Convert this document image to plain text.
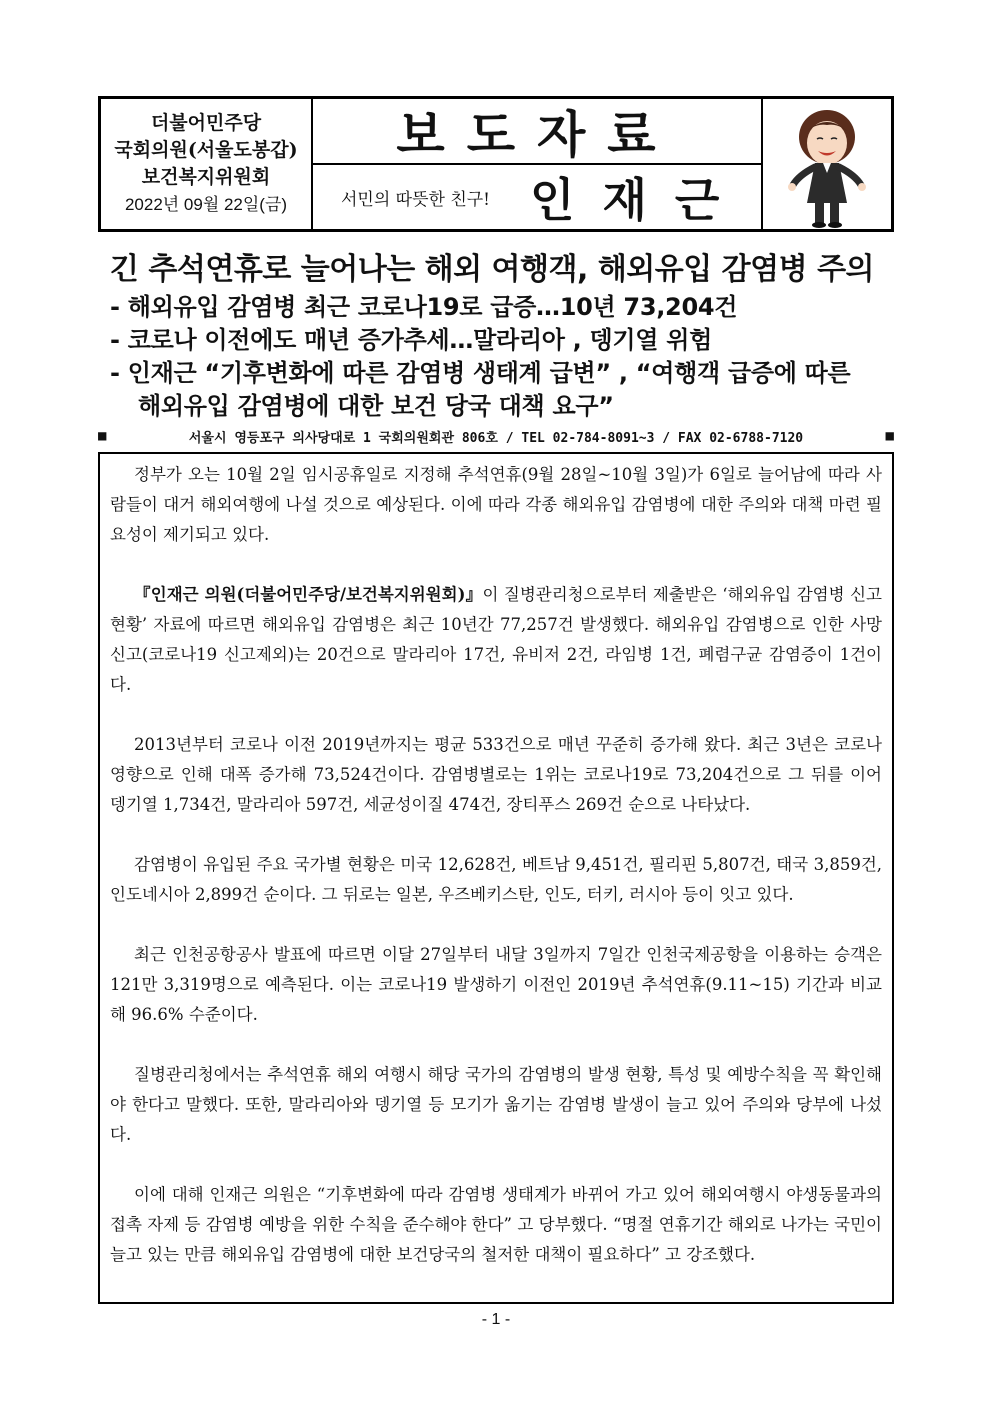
더불어민주당
국회의원(서울도봉갑)
보건복지위원회
2022년 09월 22일(금)
보도자료
서민의 따뜻한 친구! 인재근
긴 추석연휴로 늘어나는 해외 여행객, 해외유입 감염병 주의
- 해외유입 감염병 최근 코로나19로 급증…10년 73,204건
- 코로나 이전에도 매년 증가추세…말라리아 , 뎅기열 위험
- 인재근 “기후변화에 따른 감염병 생태계 급변” , “여행객 급증에 따른
해외유입 감염병에 대한 보건 당국 대책 요구”
■	서울시 영등포구 의사당대로 1 국회의원회관 806호 / TEL 02-784-8091~3 / FAX 02-6788-7120	■

정부가 오는 10월 2일 임시공휴일로 지정해 추석연휴(9월 28일~10월 3일)가 6일로 늘어남에 따라 사람들이 대거 해외여행에 나설 것으로 예상된다. 이에 따라 각종 해외유입 감염병에 대한 주의와 대책 마련 필요성이 제기되고 있다.

『인재근 의원(더불어민주당/보건복지위원회)』이 질병관리청으로부터 제출받은 ‘해외유입 감염병 신고 현황’ 자료에 따르면 해외유입 감염병은 최근 10년간 77,257건 발생했다. 해외유입 감염병으로 인한 사망신고(코로나19 신고제외)는 20건으로 말라리아 17건, 유비저 2건, 라임병 1건, 폐렴구균 감염증이 1건이다.

2013년부터 코로나 이전 2019년까지는 평균 533건으로 매년 꾸준히 증가해 왔다. 최근 3년은 코로나 영향으로 인해 대폭 증가해 73,524건이다. 감염병별로는 1위는 코로나19로 73,204건으로 그 뒤를 이어 뎅기열 1,734건, 말라리아 597건, 세균성이질 474건, 장티푸스 269건 순으로 나타났다.

감염병이 유입된 주요 국가별 현황은 미국 12,628건, 베트남 9,451건, 필리핀 5,807건, 태국 3,859건, 인도네시아 2,899건 순이다. 그 뒤로는 일본, 우즈베키스탄, 인도, 터키, 러시아 등이 잇고 있다.

최근 인천공항공사 발표에 따르면 이달 27일부터 내달 3일까지 7일간 인천국제공항을 이용하는 승객은 121만 3,319명으로 예측된다. 이는 코로나19 발생하기 이전인 2019년 추석연휴(9.11~15) 기간과 비교해 96.6% 수준이다.

질병관리청에서는 추석연휴 해외 여행시 해당 국가의 감염병의 발생 현황, 특성 및 예방수칙을 꼭 확인해야 한다고 말했다. 또한, 말라리아와 뎅기열 등 모기가 옮기는 감염병 발생이 늘고 있어 주의와 당부에 나섰다.

이에 대해 인재근 의원은 “기후변화에 따라 감염병 생태계가 바뀌어 가고 있어 해외여행시 야생동물과의 접촉 자제 등 감염병 예방을 위한 수칙을 준수해야 한다” 고 당부했다. “명절 연휴기간 해외로 나가는 국민이 늘고 있는 만큼 해외유입 감염병에 대한 보건당국의 철저한 대책이 필요하다” 고 강조했다.

- 1 -
